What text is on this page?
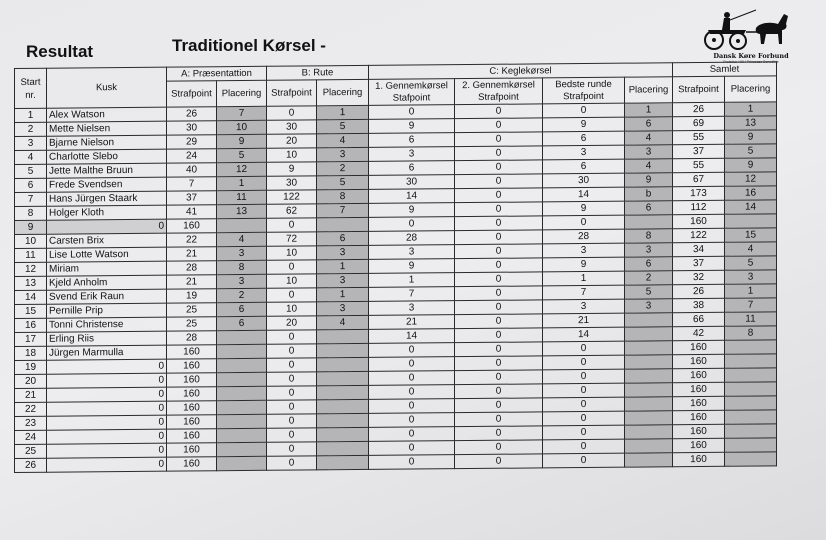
Resultat	Traditionel Kørsel -
Dansk Køre Forbund
Protektor HKH Prinsesse Benedikte
Start nr.	Kusk	A: Præsentattion		B: Rute		C: Keglekørsel				Samlet	
		Strafpoint	Placering	Strafpoint	Placering	1. Gennemkørsel Stafpoint	2. Gennemkørsel Strafpoint	Bedste runde Strafpoint	Placering	Strafpoint	Placering
1	Alex Watson	26	7	0	1	0	0	0	1	26	1
2	Mette Nielsen	30	10	30	5	9	0	9	6	69	13
3	Bjarne Nielson	29	9	20	4	6	0	6	4	55	9
4	Charlotte Slebo	24	5	10	3	3	0	3	3	37	5
5	Jette Malthe Bruun	40	12	9	2	6	0	6	4	55	9
6	Frede Svendsen	7	1	30	5	30	0	30	9	67	12
7	Hans Jürgen Staark	37	11	122	8	14	0	14	b	173	16
8	Holger Kloth	41	13	62	7	9	0	9	6	112	14
9	0	160		0		0	0	0		160	
10	Carsten Brix	22	4	72	6	28	0	28	8	122	15
11	Lise Lotte Watson	21	3	10	3	3	0	3	3	34	4
12	Miriam	28	8	0	1	9	0	9	6	37	5
13	Kjeld Anholm	21	3	10	3	1	0	1	2	32	3
14	Svend Erik Raun	19	2	0	1	7	0	7	5	26	1
15	Pernille Prip	25	6	10	3	3	0	3	3	38	7
16	Tonni Christense	25	6	20	4	21	0	21		66	11
17	Erling Riis	28		0		14	0	14		42	8
18	Jürgen Marmulla	160		0		0	0	0		160	
19	0	160		0		0	0	0		160	
20	0	160		0		0	0	0		160	
21	0	160		0		0	0	0		160	
22	0	160		0		0	0	0		160	
23	0	160		0		0	0	0		160	
24	0	160		0		0	0	0		160	
25	0	160		0		0	0	0		160	
26	0	160		0		0	0	0		160	
